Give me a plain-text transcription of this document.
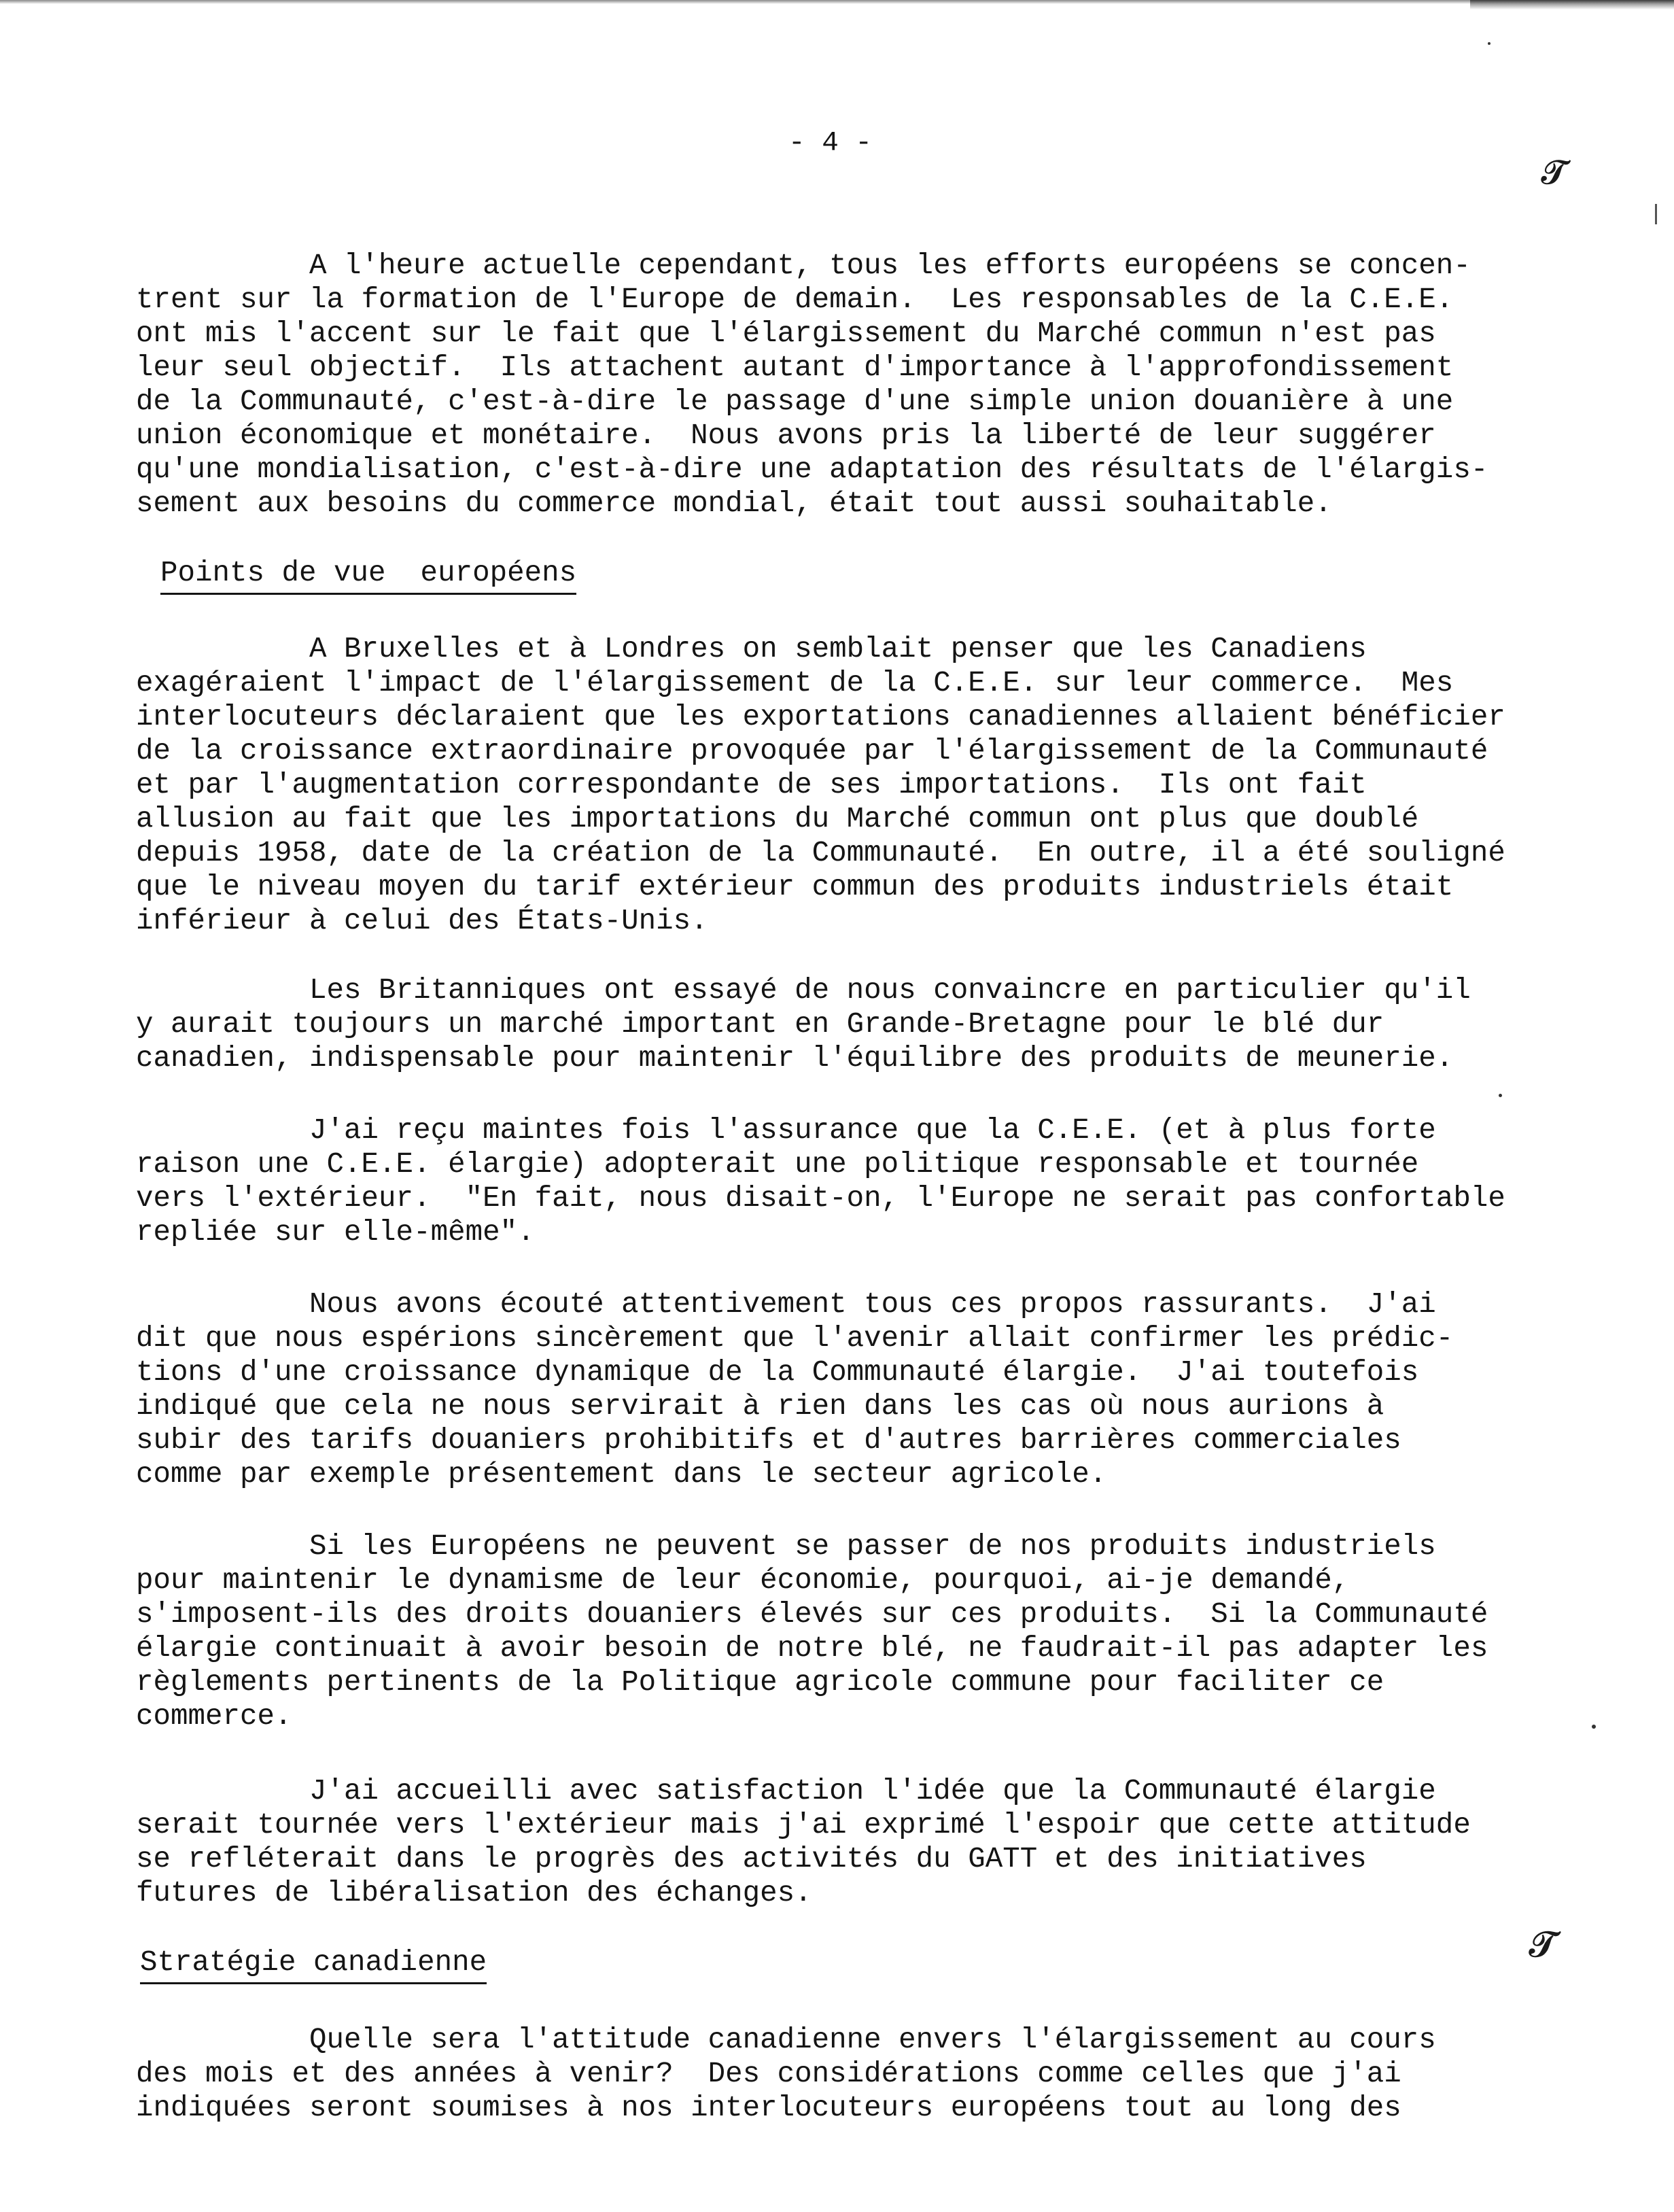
- 4 -
𝒯
𝒯
A l'heure actuelle cependant, tous les efforts européens se concen-
trent sur la formation de l'Europe de demain.  Les responsables de la C.E.E.
ont mis l'accent sur le fait que l'élargissement du Marché commun n'est pas
leur seul objectif.  Ils attachent autant d'importance à l'approfondissement
de la Communauté, c'est-à-dire le passage d'une simple union douanière à une
union économique et monétaire.  Nous avons pris la liberté de leur suggérer
qu'une mondialisation, c'est-à-dire une adaptation des résultats de l'élargis-
sement aux besoins du commerce mondial, était tout aussi souhaitable.
Points de vue  européens
A Bruxelles et à Londres on semblait penser que les Canadiens
exagéraient l'impact de l'élargissement de la C.E.E. sur leur commerce.  Mes
interlocuteurs déclaraient que les exportations canadiennes allaient bénéficier
de la croissance extraordinaire provoquée par l'élargissement de la Communauté
et par l'augmentation correspondante de ses importations.  Ils ont fait
allusion au fait que les importations du Marché commun ont plus que doublé
depuis 1958, date de la création de la Communauté.  En outre, il a été souligné
que le niveau moyen du tarif extérieur commun des produits industriels était
inférieur à celui des États-Unis.
Les Britanniques ont essayé de nous convaincre en particulier qu'il
y aurait toujours un marché important en Grande-Bretagne pour le blé dur
canadien, indispensable pour maintenir l'équilibre des produits de meunerie.
J'ai reçu maintes fois l'assurance que la C.E.E. (et à plus forte
raison une C.E.E. élargie) adopterait une politique responsable et tournée
vers l'extérieur.  "En fait, nous disait-on, l'Europe ne serait pas confortable
repliée sur elle-même".
Nous avons écouté attentivement tous ces propos rassurants.  J'ai
dit que nous espérions sincèrement que l'avenir allait confirmer les prédic-
tions d'une croissance dynamique de la Communauté élargie.  J'ai toutefois
indiqué que cela ne nous servirait à rien dans les cas où nous aurions à
subir des tarifs douaniers prohibitifs et d'autres barrières commerciales
comme par exemple présentement dans le secteur agricole.
Si les Européens ne peuvent se passer de nos produits industriels
pour maintenir le dynamisme de leur économie, pourquoi, ai-je demandé,
s'imposent-ils des droits douaniers élevés sur ces produits.  Si la Communauté
élargie continuait à avoir besoin de notre blé, ne faudrait-il pas adapter les
règlements pertinents de la Politique agricole commune pour faciliter ce
commerce.
J'ai accueilli avec satisfaction l'idée que la Communauté élargie
serait tournée vers l'extérieur mais j'ai exprimé l'espoir que cette attitude
se refléterait dans le progrès des activités du GATT et des initiatives
futures de libéralisation des échanges.
Stratégie canadienne
Quelle sera l'attitude canadienne envers l'élargissement au cours
des mois et des années à venir?  Des considérations comme celles que j'ai
indiquées seront soumises à nos interlocuteurs européens tout au long des
